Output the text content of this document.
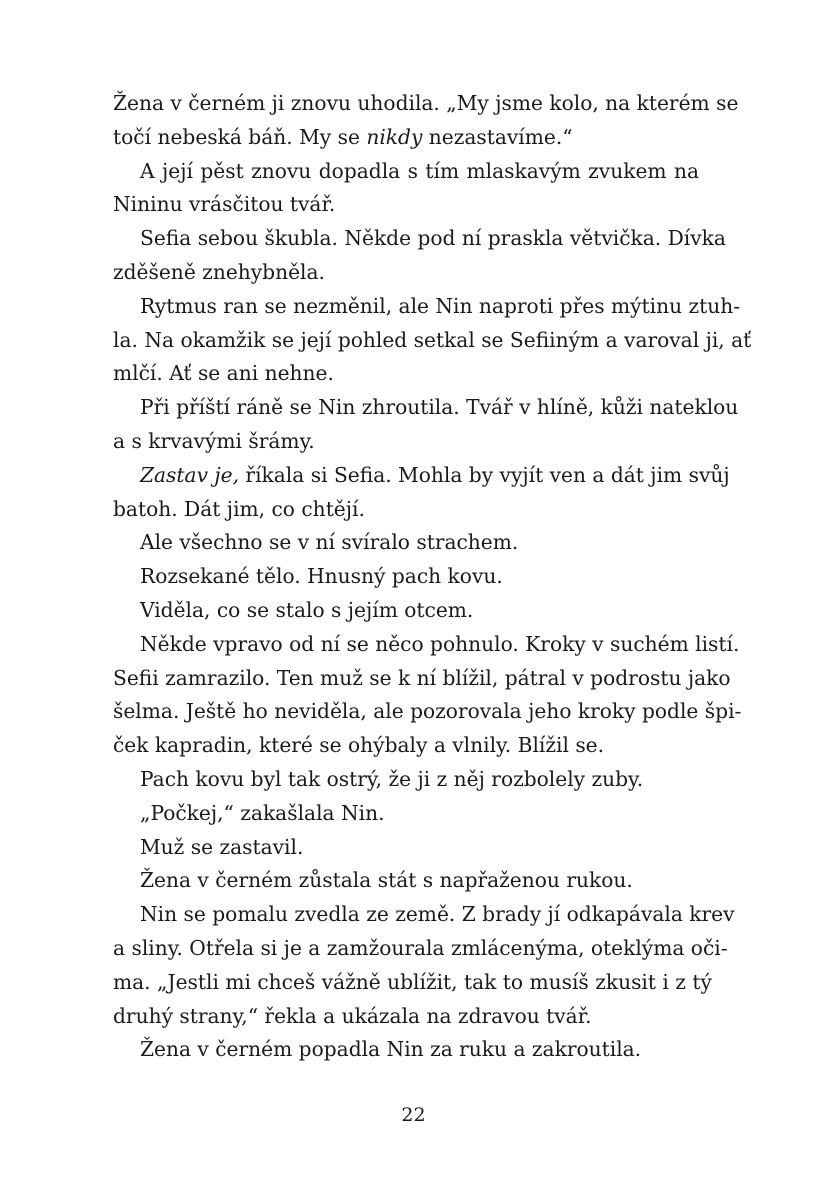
Žena v černém ji znovu uhodila. „My jsme kolo, na kterém se
točí nebeská báň. My se nikdy nezastavíme.“
A její pěst znovu dopadla s tím mlaskavým zvukem na
Nininu vrásčitou tvář.
Sefia sebou škubla. Někde pod ní praskla větvička. Dívka
zděšeně znehybněla.
Rytmus ran se nezměnil, ale Nin naproti přes mýtinu ztuh-
la. Na okamžik se její pohled setkal se Sefiiným a varoval ji, ať
mlčí. Ať se ani nehne.
Při příští ráně se Nin zhroutila. Tvář v hlíně, kůži nateklou
a s krvavými šrámy.
Zastav je, říkala si Sefia. Mohla by vyjít ven a dát jim svůj
batoh. Dát jim, co chtějí.
Ale všechno se v ní svíralo strachem.
Rozsekané tělo. Hnusný pach kovu.
Viděla, co se stalo s jejím otcem.
Někde vpravo od ní se něco pohnulo. Kroky v suchém listí.
Sefii zamrazilo. Ten muž se k ní blížil, pátral v podrostu jako
šelma. Ještě ho neviděla, ale pozorovala jeho kroky podle špi-
ček kapradin, které se ohýbaly a vlnily. Blížil se.
Pach kovu byl tak ostrý, že ji z něj rozbolely zuby.
„Počkej,“ zakašlala Nin.
Muž se zastavil.
Žena v černém zůstala stát s napřaženou rukou.
Nin se pomalu zvedla ze země. Z brady jí odkapávala krev
a sliny. Otřela si je a zamžourala zmlácenýma, oteklýma oči-
ma. „Jestli mi chceš vážně ublížit, tak to musíš zkusit i z tý
druhý strany,“ řekla a ukázala na zdravou tvář.
Žena v černém popadla Nin za ruku a zakroutila.
22
